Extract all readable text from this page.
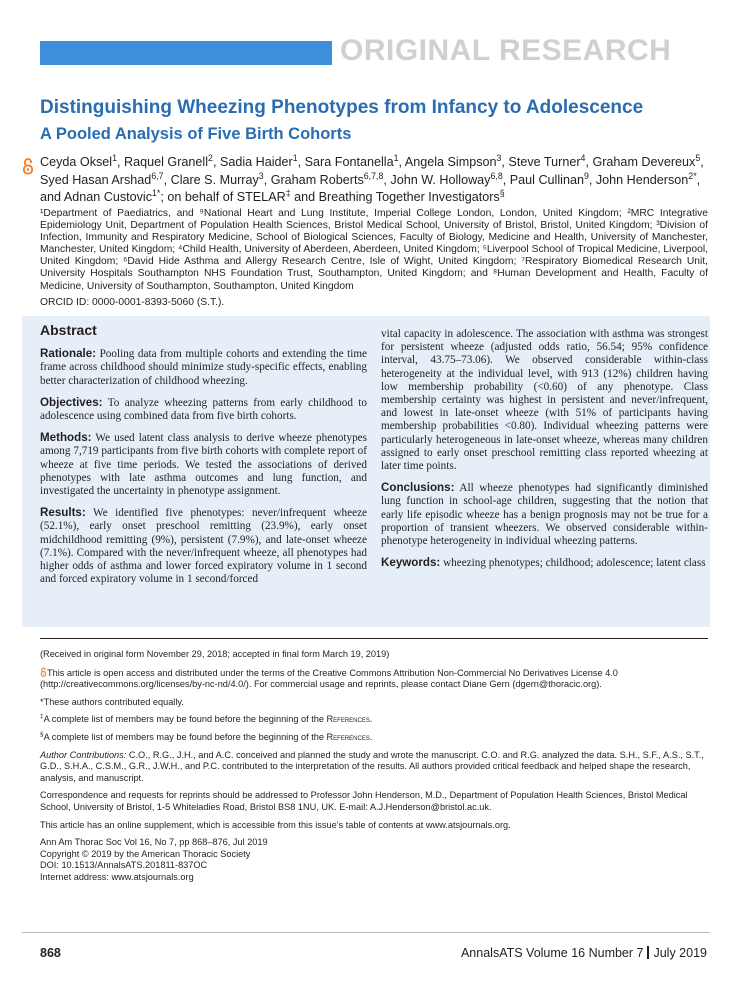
ORIGINAL RESEARCH
Distinguishing Wheezing Phenotypes from Infancy to Adolescence
A Pooled Analysis of Five Birth Cohorts
Ceyda Oksel$^1$, Raquel Granell$^2$, Sadia Haider$^1$, Sara Fontanella$^1$, Angela Simpson$^3$, Steve Turner$^4$, Graham Devereux$^5$, Syed Hasan Arshad$^{6,7}$, Clare S. Murray$^3$, Graham Roberts$^{6,7,8}$, John W. Holloway$^{6,8}$, Paul Cullinan$^9$, John Henderson$^{2*}$, and Adnan Custovic$^{1*}$; on behalf of STELAR‡ and Breathing Together Investigators§
¹Department of Paediatrics, and ⁹National Heart and Lung Institute, Imperial College London, London, United Kingdom; ²MRC Integrative Epidemiology Unit, Department of Population Health Sciences, Bristol Medical School, University of Bristol, Bristol, United Kingdom; ³Division of Infection, Immunity and Respiratory Medicine, School of Biological Sciences, Faculty of Biology, Medicine and Health, University of Manchester, Manchester, United Kingdom; ⁴Child Health, University of Aberdeen, Aberdeen, United Kingdom; ⁵Liverpool School of Tropical Medicine, Liverpool, United Kingdom; ⁶David Hide Asthma and Allergy Research Centre, Isle of Wight, United Kingdom; ⁷Respiratory Biomedical Research Unit, University Hospitals Southampton NHS Foundation Trust, Southampton, United Kingdom; and ⁸Human Development and Health, Faculty of Medicine, University of Southampton, Southampton, United Kingdom
ORCID ID: 0000-0001-8393-5060 (S.T.).
Abstract

Rationale: Pooling data from multiple cohorts and extending the time frame across childhood should minimize study-specific effects, enabling better characterization of childhood wheezing.

Objectives: To analyze wheezing patterns from early childhood to adolescence using combined data from five birth cohorts.

Methods: We used latent class analysis to derive wheeze phenotypes among 7,719 participants from five birth cohorts with complete report of wheeze at five time periods. We tested the associations of derived phenotypes with late asthma outcomes and lung function, and investigated the uncertainty in phenotype assignment.

Results: We identified five phenotypes: never/infrequent wheeze (52.1%), early onset preschool remitting (23.9%), early onset midchildhood remitting (9%), persistent (7.9%), and late-onset wheeze (7.1%). Compared with the never/infrequent wheeze, all phenotypes had higher odds of asthma and lower forced expiratory volume in 1 second and forced expiratory volume in 1 second/forced

vital capacity in adolescence. The association with asthma was strongest for persistent wheeze (adjusted odds ratio, 56.54; 95% confidence interval, 43.75–73.06). We observed considerable within-class heterogeneity at the individual level, with 913 (12%) children having low membership probability (<0.60) of any phenotype. Class membership certainty was highest in persistent and never/infrequent, and lowest in late-onset wheeze (with 51% of participants having membership probabilities <0.80). Individual wheezing patterns were particularly heterogeneous in late-onset wheeze, whereas many children assigned to early onset preschool remitting class reported wheezing at later time points.

Conclusions: All wheeze phenotypes had significantly diminished lung function in school-age children, suggesting that the notion that early life episodic wheeze has a benign prognosis may not be true for a proportion of transient wheezers. We observed considerable within-phenotype heterogeneity in individual wheezing patterns.

Keywords: wheezing phenotypes; childhood; adolescence; latent class

(Received in original form November 29, 2018; accepted in final form March 19, 2019)

This article is open access and distributed under the terms of the Creative Commons Attribution Non-Commercial No Derivatives License 4.0 (http://creativecommons.org/licenses/by-nc-nd/4.0/). For commercial usage and reprints, please contact Diane Gern (dgern@thoracic.org).

*These authors contributed equally.

‡A complete list of members may be found before the beginning of the References.

§A complete list of members may be found before the beginning of the References.

Author Contributions: C.O., R.G., J.H., and A.C. conceived and planned the study and wrote the manuscript. C.O. and R.G. analyzed the data. S.H., S.F., A.S., S.T., G.D., S.H.A., C.S.M., G.R., J.W.H., and P.C. contributed to the interpretation of the results. All authors provided critical feedback and helped shape the research, analysis, and manuscript.

Correspondence and requests for reprints should be addressed to Professor John Henderson, M.D., Department of Population Health Sciences, Bristol Medical School, University of Bristol, 1-5 Whiteladies Road, Bristol BS8 1NU, UK. E-mail: A.J.Henderson@bristol.ac.uk.

This article has an online supplement, which is accessible from this issue’s table of contents at www.atsjournals.org.

Ann Am Thorac Soc Vol 16, No 7, pp 868–876, Jul 2019

Copyright © 2019 by the American Thoracic Society

DOI: 10.1513/AnnalsATS.201811-837OC

Internet address: www.atsjournals.org

868	AnnalsATS Volume 16 Number 7 July 2019
